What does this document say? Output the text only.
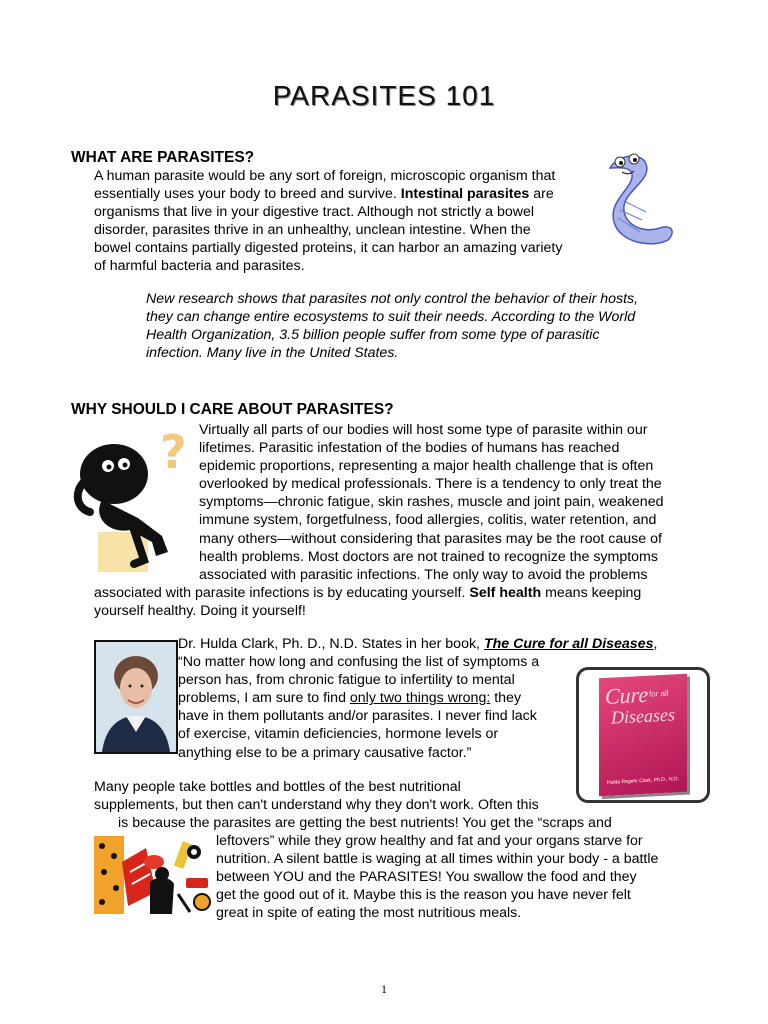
PARASITES 101
WHAT ARE PARASITES?
A human parasite would be any sort of foreign, microscopic organism that
essentially uses your body to breed and survive. Intestinal parasites are
organisms that live in your digestive tract. Although not strictly a bowel
disorder, parasites thrive in an unhealthy, unclean intestine. When the
bowel contains partially digested proteins, it can harbor an amazing variety
of harmful bacteria and parasites.
New research shows that parasites not only control the behavior of their hosts,
they can change entire ecosystems to suit their needs. According to the World
Health Organization, 3.5 billion people suffer from some type of parasitic
infection. Many live in the United States.
WHY SHOULD I CARE ABOUT PARASITES?
? Virtually all parts of our bodies will host some type of parasite within our
lifetimes. Parasitic infestation of the bodies of humans has reached
epidemic proportions, representing a major health challenge that is often
overlooked by medical professionals. There is a tendency to only treat the
symptoms—chronic fatigue, skin rashes, muscle and joint pain, weakened
immune system, forgetfulness, food allergies, colitis, water retention, and
many others—without considering that parasites may be the root cause of
health problems. Most doctors are not trained to recognize the symptoms
associated with parasitic infections. The only way to avoid the problems
associated with parasite infections is by educating yourself. Self health means keeping
yourself healthy. Doing it yourself!
Dr. Hulda Clark, Ph. D., N.D. States in her book, The Cure for all Diseases,
“No matter how long and confusing the list of symptoms a
person has, from chronic fatigue to infertility to mental
problems, I am sure to find only two things wrong: they
have in them pollutants and/or parasites. I never find lack
of exercise, vitamin deficiencies, hormone levels or
anything else to be a primary causative factor.”
Cure for all
Diseases
Hulda Regehr Clark, Ph.D., N.D.
Many people take bottles and bottles of the best nutritional
supplements, but then can't understand why they don't work. Often this
is because the parasites are getting the best nutrients! You get the “scraps and
leftovers” while they grow healthy and fat and your organs starve for
nutrition. A silent battle is waging at all times within your body - a battle
between YOU and the PARASITES! You swallow the food and they
get the good out of it. Maybe this is the reason you have never felt
great in spite of eating the most nutritious meals.
1
